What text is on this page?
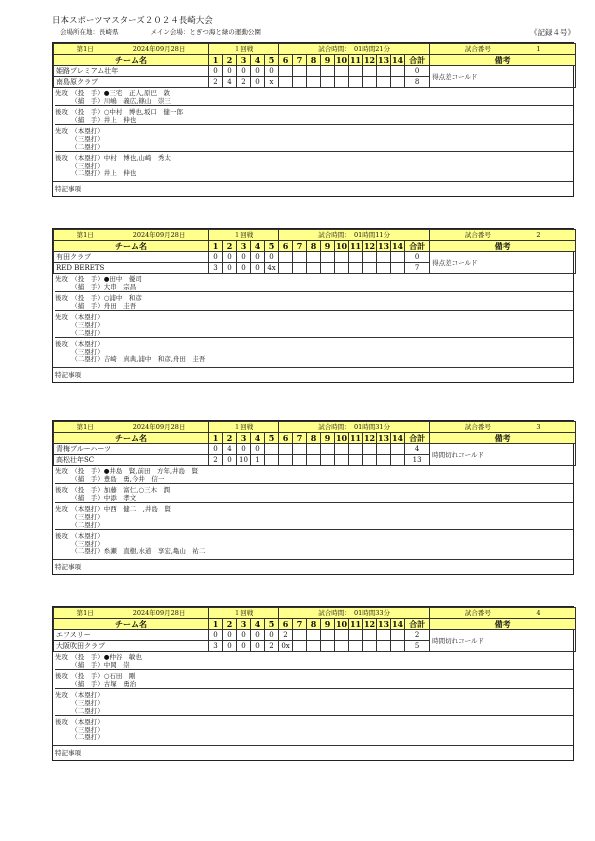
日本スポーツマスターズ２０２４長崎大会
会場所在地：長崎県	メイン会場：とぎつ海と緑の運動公園	《記録４号》
第1日　　　　　　 2024年09月28日	１回戦					試合時間：　01時間21分										試合番号　　　　　　　 1
チーム名	1	2	3	4	5	6	7	8	9	10	11	12	13	14	合計	備考
姫路プレミアム壮年	0	0	0	0	0										0	得点差コールド
南島原クラブ	2	4	2	0	x										8	
先攻　（投　手）●三宅　正人,原巴　敦
　　　（捕　手）川嶋　義広,篠山　崇三
後攻　（投　手）○中村　博也,坂口　健一郎
　　　（捕　手）井上　伸也
先攻　（本塁打）
　　　（三塁打）
　　　（二塁打）
後攻　（本塁打）中村　博也,山崎　秀太
　　　（三塁打）
　　　（二塁打）井上　伸也
特記事項
第1日　　　　　　 2024年09月28日	１回戦					試合時間：　01時間11分										試合番号　　　　　　　 2
チーム名	1	2	3	4	5	6	7	8	9	10	11	12	13	14	合計	備考
有田クラブ	0	0	0	0	0										0	得点差コールド
RED BERETS	3	0	0	0	4x										7	
先攻　（投　手）●田中　優司
　　　（捕　手）大串　宗昌
後攻　（投　手）○浦中　和彦
　　　（捕　手）舟田　圭吾
先攻　（本塁打）
　　　（三塁打）
　　　（二塁打）
後攻　（本塁打）
　　　（三塁打）
　　　（二塁打）吉崎　真典,浦中　和彦,舟田　圭吾
特記事項
第1日　　　　　　 2024年09月28日	１回戦					試合時間：　01時間31分										試合番号　　　　　　　 3
チーム名	1	2	3	4	5	6	7	8	9	10	11	12	13	14	合計	備考
青梅ブルーハーツ	0	4	0	0											4	時間切れコールド
高松壮年SC	2	0	10	1											13	
先攻　（投　手）●井島　賢,前田　方年,井島　賢
　　　（捕　手）豊島　勇,今井　信一
後攻　（投　手）加藤　富仁,○三木　潤
　　　（捕　手）中添　孝文
先攻　（本塁打）中西　健二　,井島　賢
　　　（三塁打）
　　　（二塁打）
後攻　（本塁打）
　　　（三塁打）
　　　（二塁打）糸瀬　直樹,水道　享宏,亀山　祐二
特記事項
第1日　　　　　　 2024年09月28日	１回戦					試合時間：　01時間33分										試合番号　　　　　　　 4
チーム名	1	2	3	4	5	6	7	8	9	10	11	12	13	14	合計	備考
エフスリー	0	0	0	0	0	2									2	時間切れコールド
大阪吹田クラブ	3	0	0	0	2	0x									5	
先攻　（投　手）●仲谷　敏也
　　　（捕　手）中岡　崇
後攻　（投　手）○石田　剛
　　　（捕　手）古塚　勇治
先攻　（本塁打）
　　　（三塁打）
　　　（二塁打）
後攻　（本塁打）
　　　（三塁打）
　　　（二塁打）
特記事項
